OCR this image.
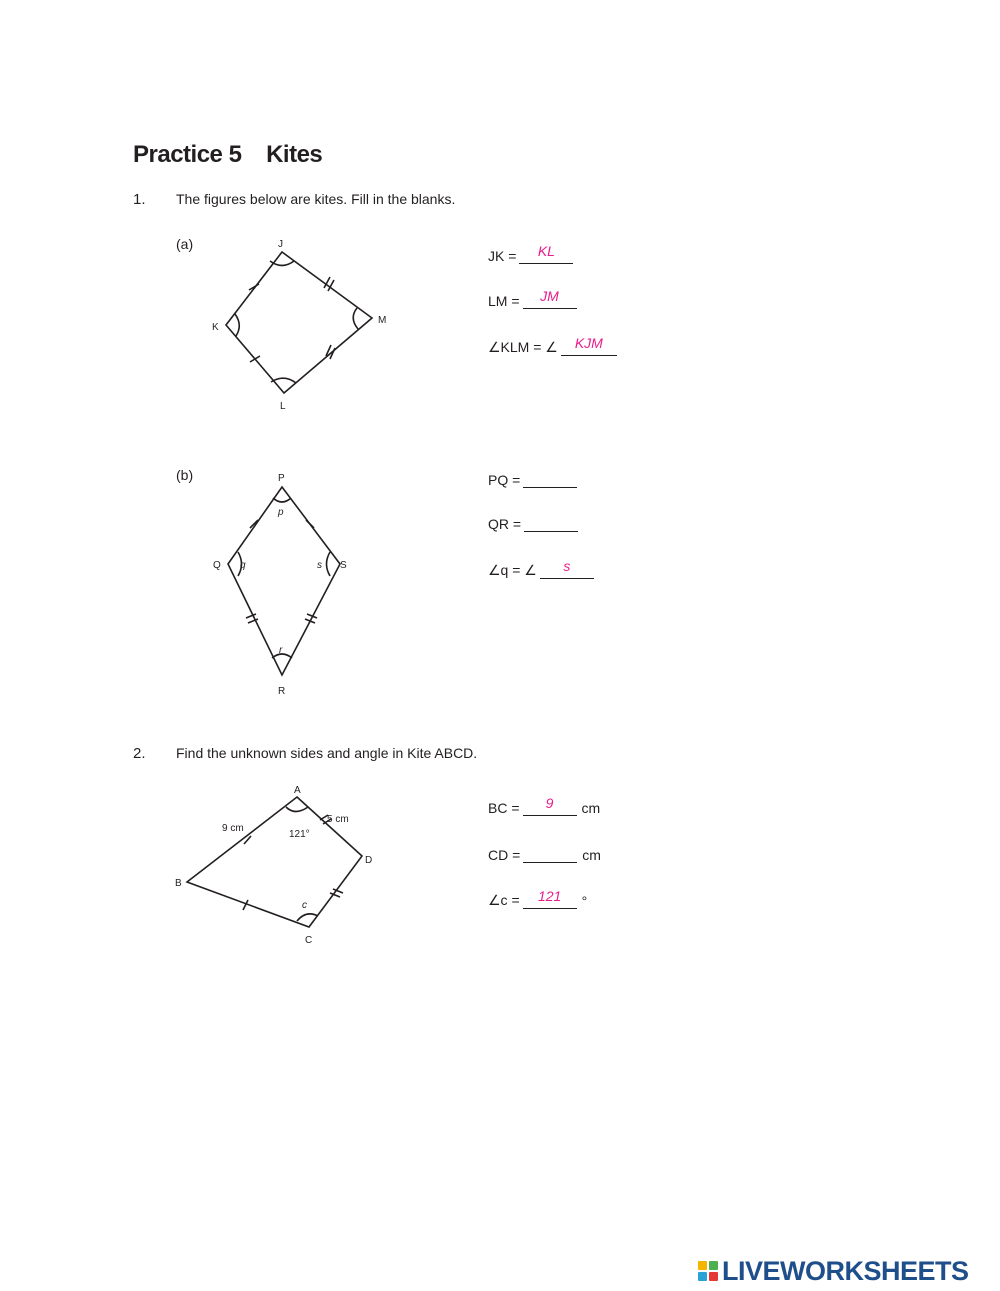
Practice 5    Kites
1. The figures below are kites. Fill in the blanks.
(a)	J
M
L
K
JK =	KL
LM =	JM
∠KLM = ∠	KJM
(b)	P
Q	S
R
p
q	s
r
PQ =
QR =
∠q = ∠	s
2. Find the unknown sides and angle in Kite ABCD.
A
B
C
D
9 cm
5 cm
121°
c
BC =	9	cm
CD =	cm
∠c =	121	°
LIVEWORKSHEETS
